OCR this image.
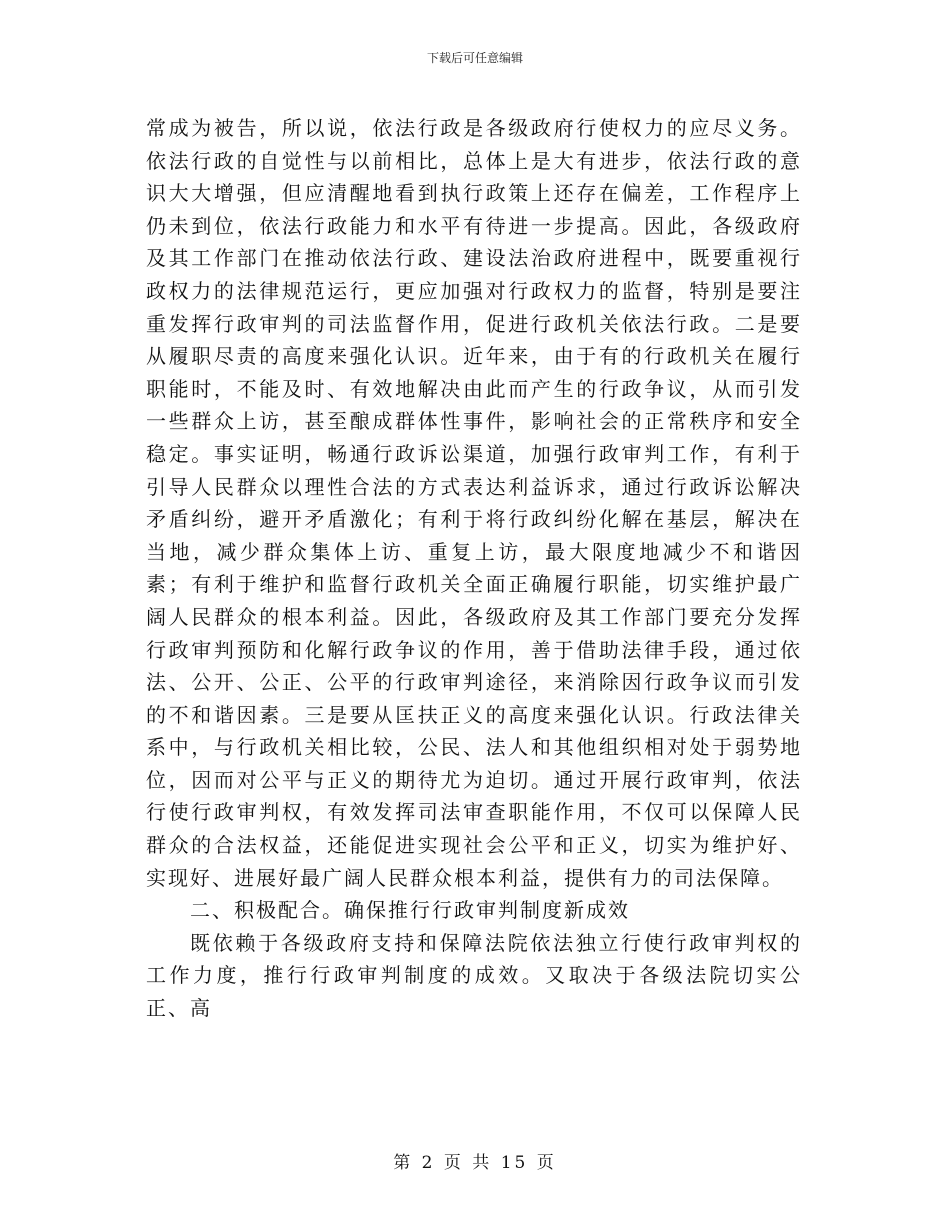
下载后可任意编辑

常成为被告，所以说，依法行政是各级政府行使权力的应尽义务。依法行政的自觉性与以前相比，总体上是大有进步，依法行政的意识大大增强，但应清醒地看到执行政策上还存在偏差，工作程序上仍未到位，依法行政能力和水平有待进一步提高。因此，各级政府及其工作部门在推动依法行政、建设法治政府进程中，既要重视行政权力的法律规范运行，更应加强对行政权力的监督，特别是要注重发挥行政审判的司法监督作用，促进行政机关依法行政。二是要从履职尽责的高度来强化认识。近年来，由于有的行政机关在履行职能时，不能及时、有效地解决由此而产生的行政争议，从而引发一些群众上访，甚至酿成群体性事件，影响社会的正常秩序和安全稳定。事实证明，畅通行政诉讼渠道，加强行政审判工作，有利于引导人民群众以理性合法的方式表达利益诉求，通过行政诉讼解决矛盾纠纷，避开矛盾激化；有利于将行政纠纷化解在基层，解决在当地，减少群众集体上访、重复上访，最大限度地减少不和谐因素；有利于维护和监督行政机关全面正确履行职能，切实维护最广阔人民群众的根本利益。因此，各级政府及其工作部门要充分发挥行政审判预防和化解行政争议的作用，善于借助法律手段，通过依法、公开、公正、公平的行政审判途径，来消除因行政争议而引发的不和谐因素。三是要从匡扶正义的高度来强化认识。行政法律关系中，与行政机关相比较，公民、法人和其他组织相对处于弱势地位，因而对公平与正义的期待尤为迫切。通过开展行政审判，依法行使行政审判权，有效发挥司法审查职能作用，不仅可以保障人民群众的合法权益，还能促进实现社会公平和正义，切实为维护好、实现好、进展好最广阔人民群众根本利益，提供有力的司法保障。

二、积极配合。确保推行行政审判制度新成效

既依赖于各级政府支持和保障法院依法独立行使行政审判权的工作力度，推行行政审判制度的成效。又取决于各级法院切实公正、高

第 2 页 共 15 页
